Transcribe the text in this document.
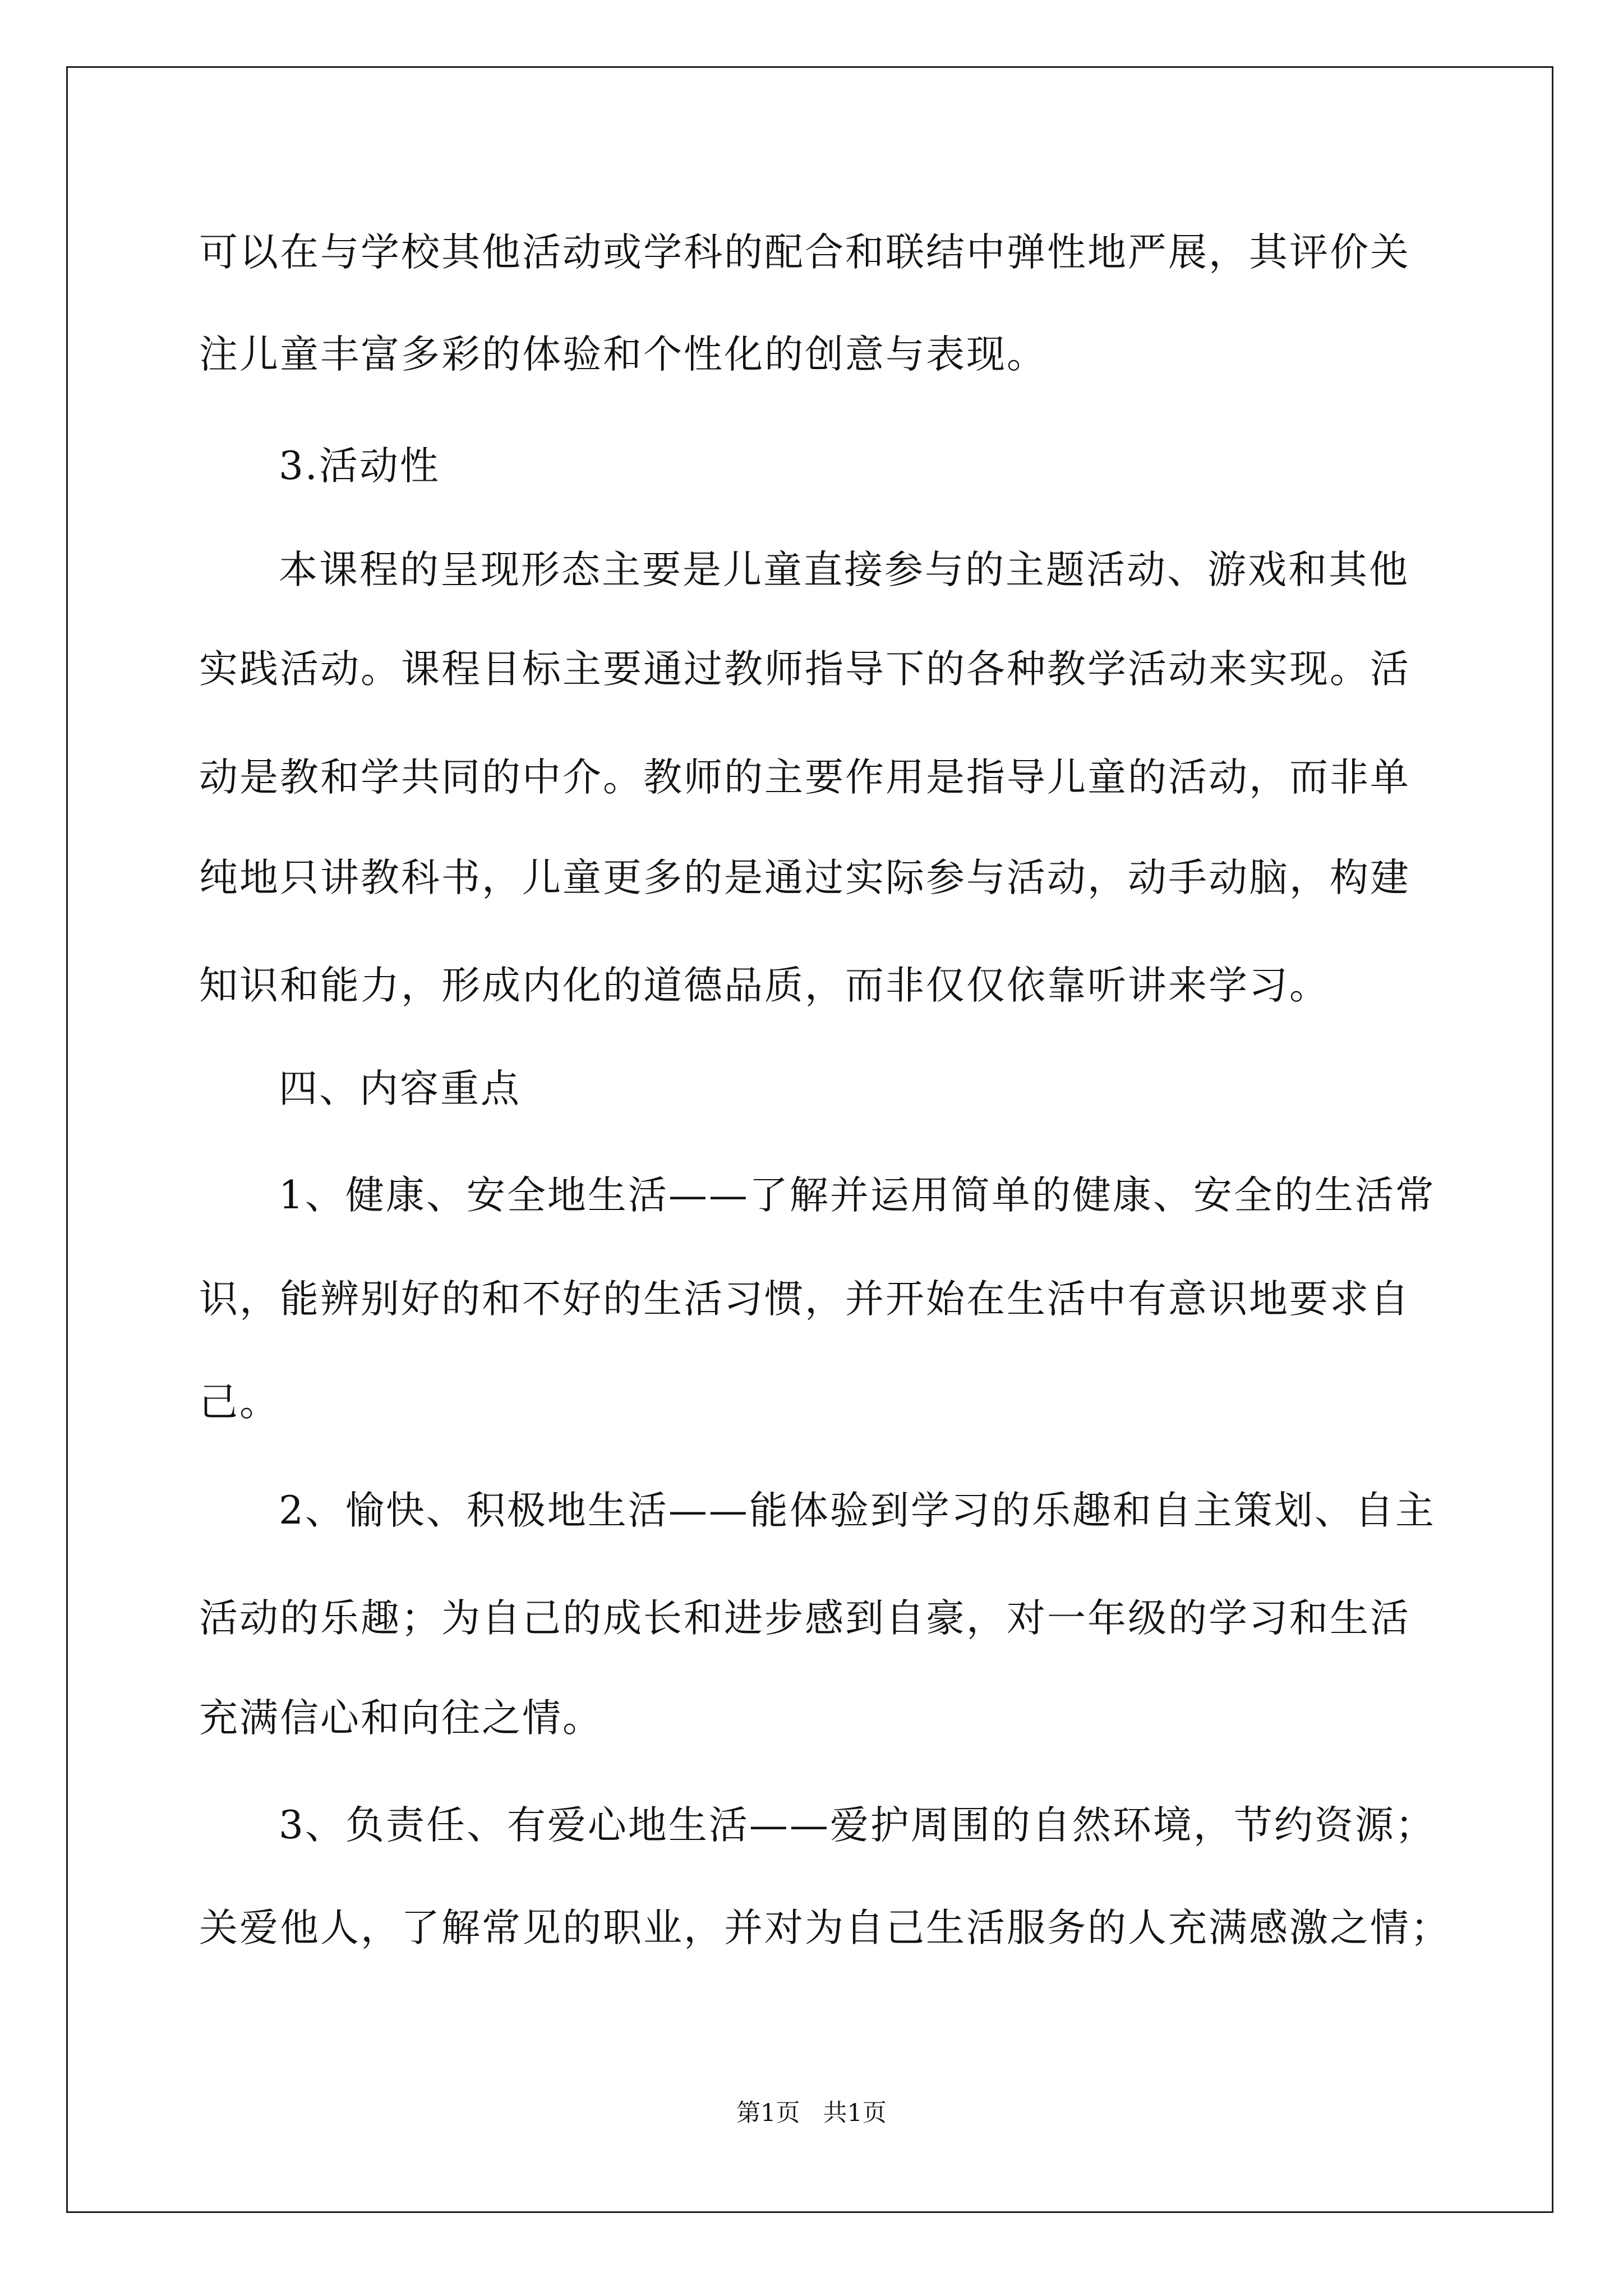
可以在与学校其他活动或学科的配合和联结中弹性地严展，其评价关
注儿童丰富多彩的体验和个性化的创意与表现。
3.活动性
本课程的呈现形态主要是儿童直接参与的主题活动、游戏和其他
实践活动。课程目标主要通过教师指导下的各种教学活动来实现。活
动是教和学共同的中介。教师的主要作用是指导儿童的活动，而非单
纯地只讲教科书，儿童更多的是通过实际参与活动，动手动脑，构建
知识和能力，形成内化的道德品质，而非仅仅依靠听讲来学习。
四、内容重点
1、健康、安全地生活——了解并运用简单的健康、安全的生活常
识，能辨别好的和不好的生活习惯，并开始在生活中有意识地要求自
己。
2、愉快、积极地生活——能体验到学习的乐趣和自主策划、自主
活动的乐趣；为自己的成长和进步感到自豪，对一年级的学习和生活
充满信心和向往之情。
3、负责任、有爱心地生活——爱护周围的自然环境，节约资源；
关爱他人，了解常见的职业，并对为自己生活服务的人充满感激之情；
第1页   共1页
